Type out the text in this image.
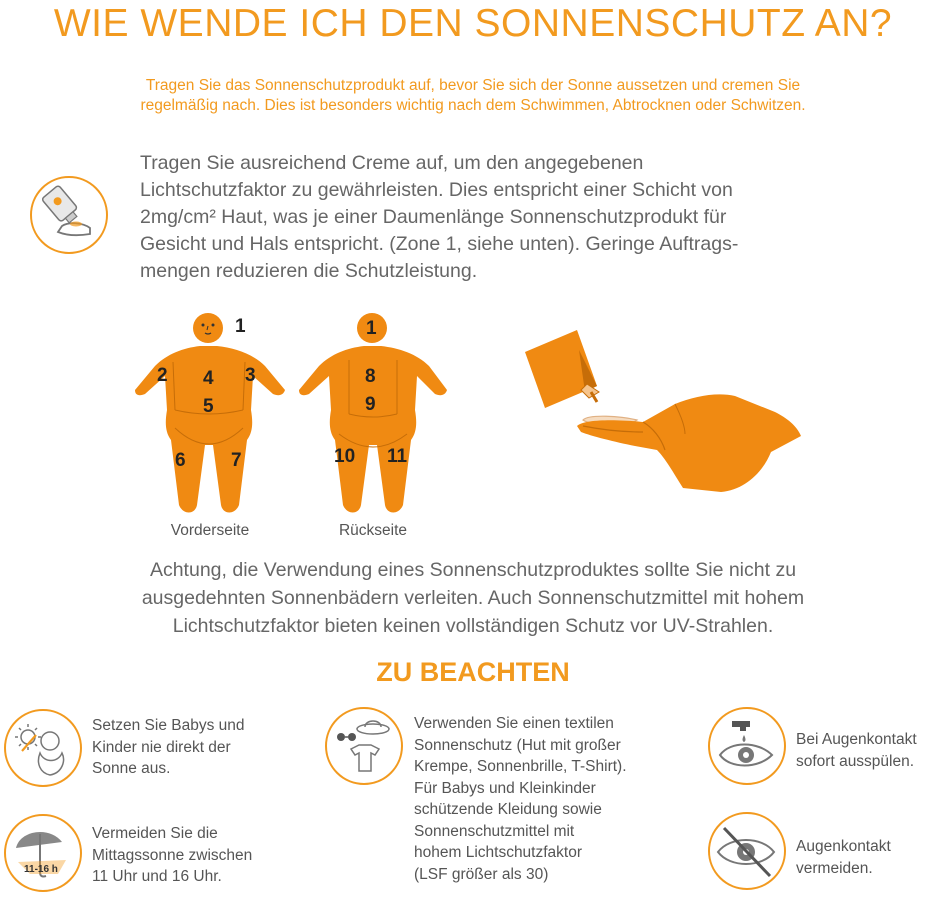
WIE WENDE ICH DEN SONNENSCHUTZ AN?
Tragen Sie das Sonnenschutzprodukt auf, bevor Sie sich der Sonne aussetzen und cremen Sie
regelmäßig nach. Dies ist besonders wichtig nach dem Schwimmen, Abtrocknen oder Schwitzen.
Tragen Sie ausreichend Creme auf, um den angegebenen
Lichtschutzfaktor zu gewährleisten. Dies entspricht einer Schicht von
2mg/cm² Haut, was je einer Daumenlänge Sonnenschutzprodukt für
Gesicht und Hals entspricht. (Zone 1, siehe unten). Geringe Auftrags-
mengen reduzieren die Schutzleistung.
1
2	3
4
5
6 7
Vorderseite
1
8
9
10 11
Rückseite
Achtung, die Verwendung eines Sonnenschutzproduktes sollte Sie nicht zu
ausgedehnten Sonnenbädern verleiten. Auch Sonnenschutzmittel mit hohem
Lichtschutzfaktor bieten keinen vollständigen Schutz vor UV-Strahlen.
ZU BEACHTEN
Setzen Sie Babys und
Kinder nie direkt der
Sonne aus.
11-16 h
Vermeiden Sie die
Mittagssonne zwischen
11 Uhr und 16 Uhr.
Verwenden Sie einen textilen
Sonnenschutz (Hut mit großer
Krempe, Sonnenbrille, T-Shirt).
Für Babys und Kleinkinder
schützende Kleidung sowie
Sonnenschutzmittel mit
hohem Lichtschutzfaktor
(LSF größer als 30)
Bei Augenkontakt
sofort ausspülen.
Augenkontakt
vermeiden.
